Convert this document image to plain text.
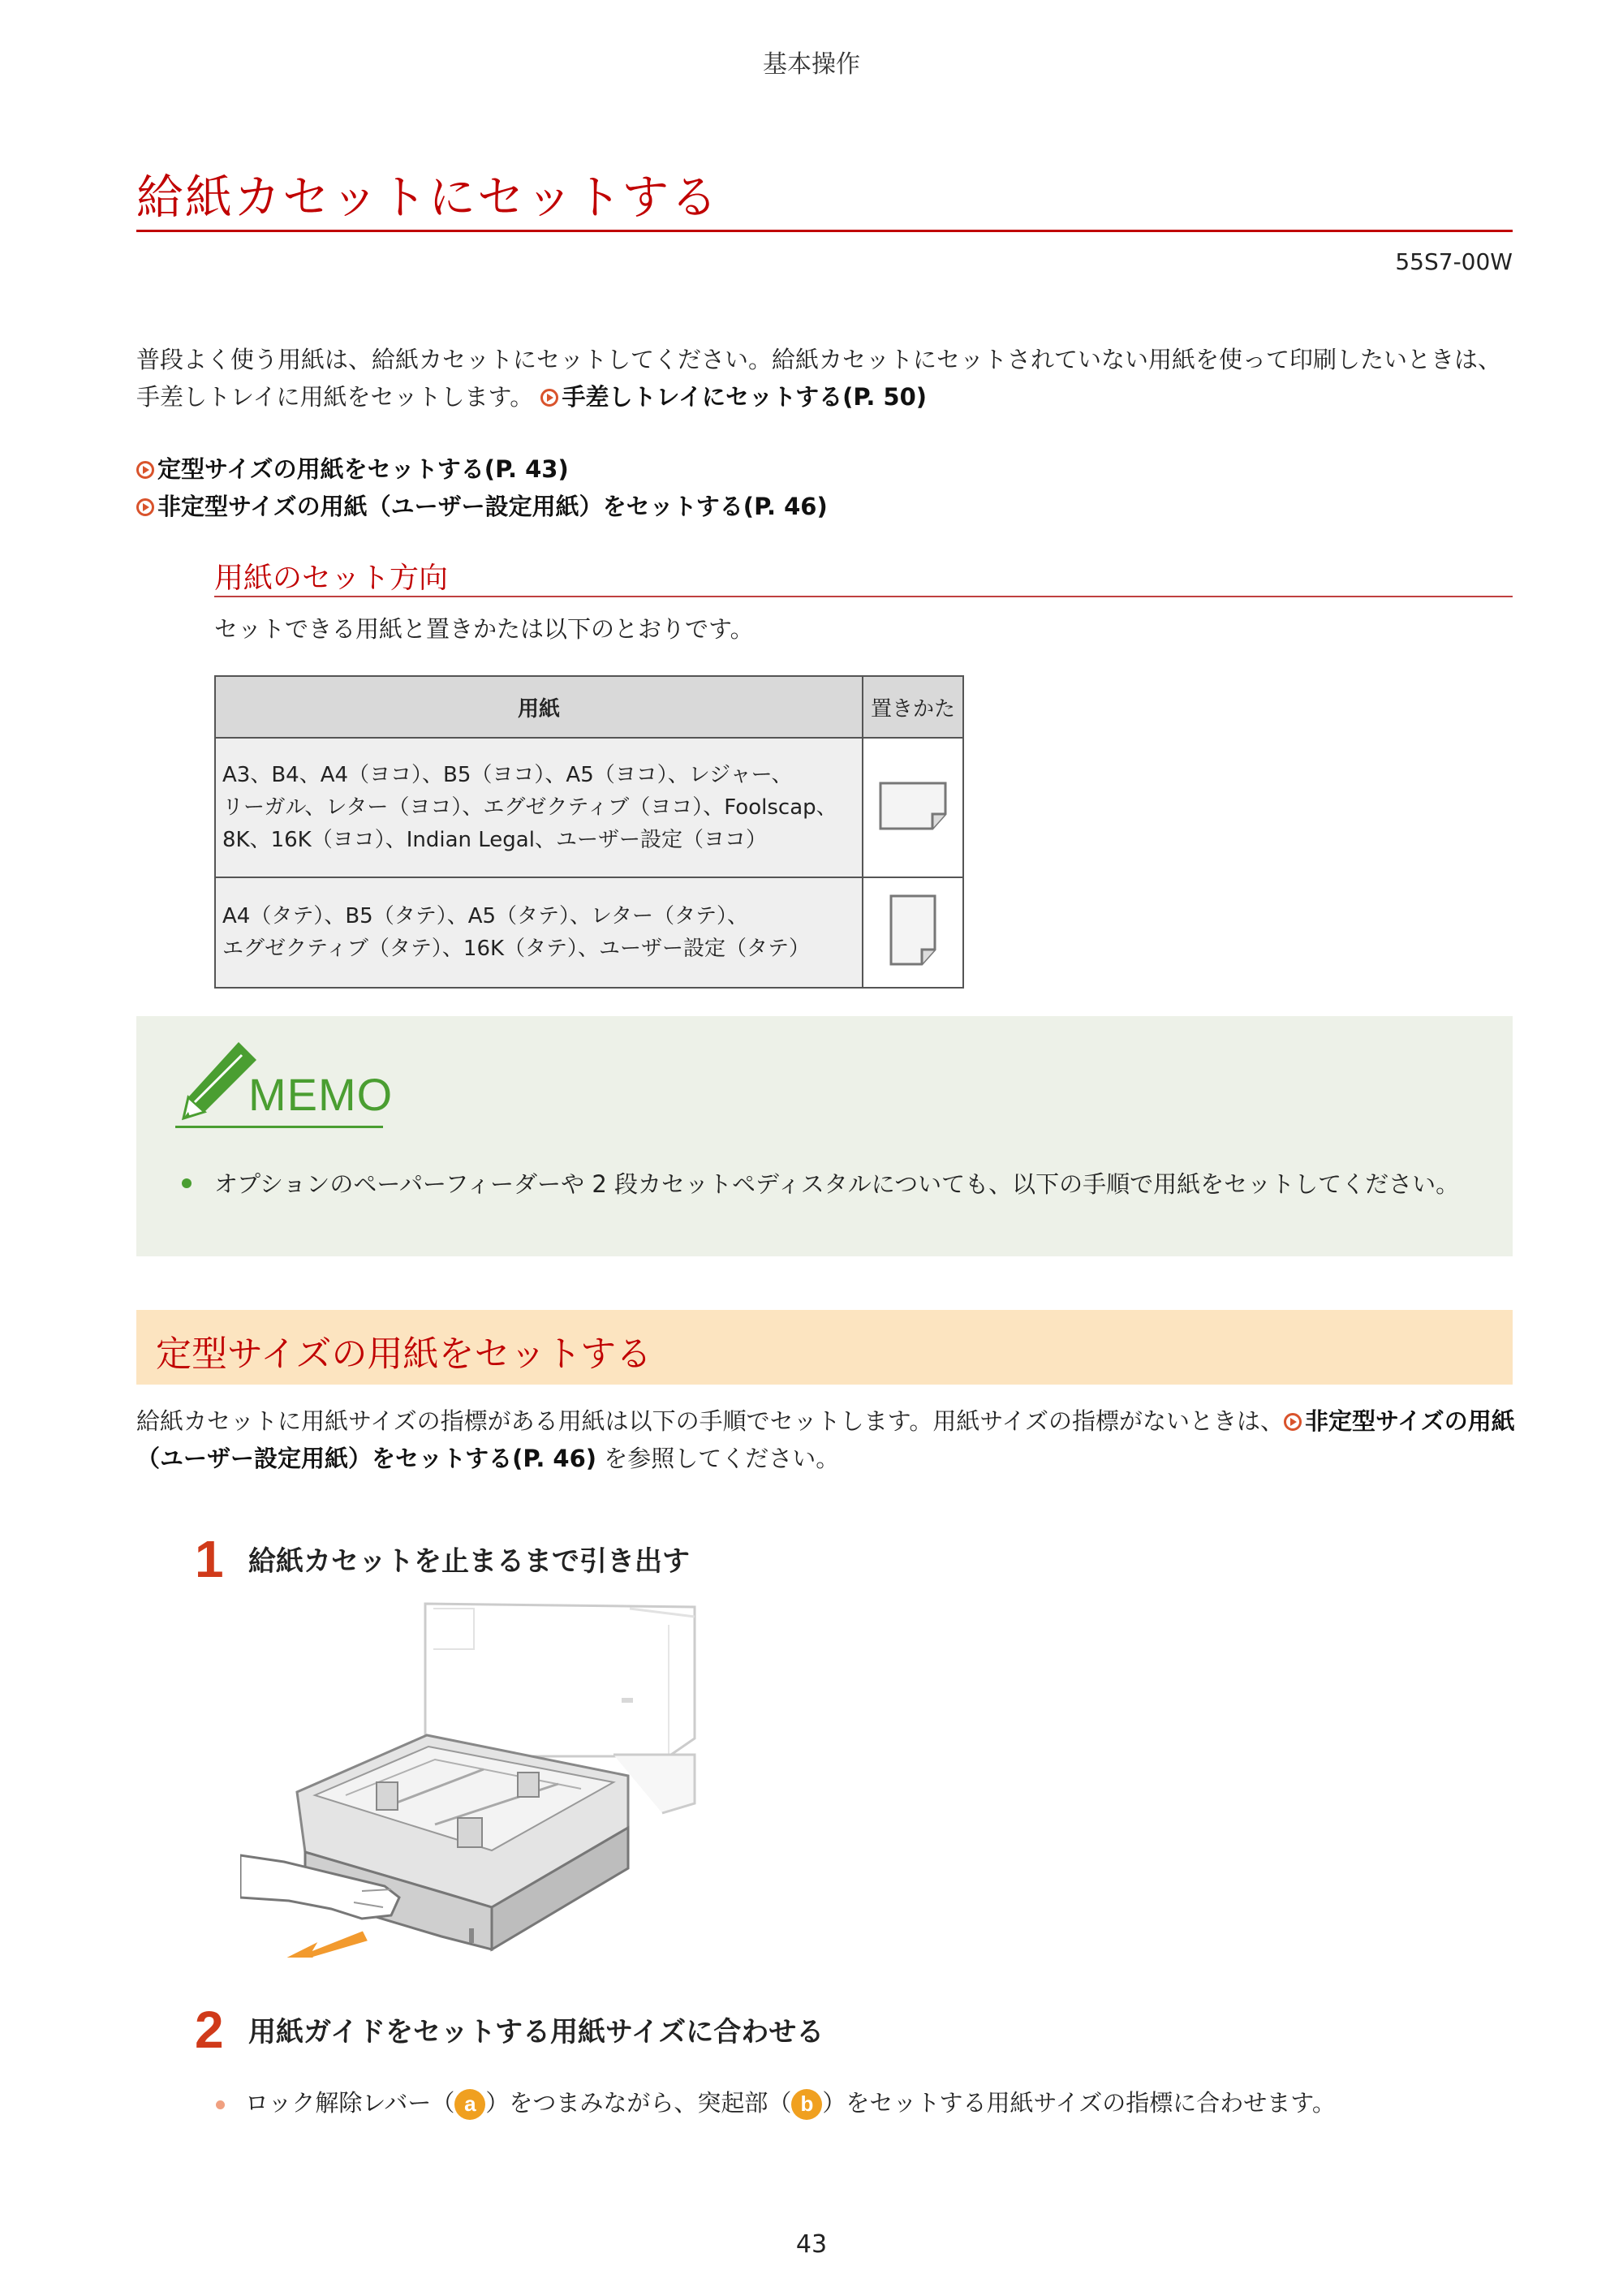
基本操作
給紙カセットにセットする
55S7-00W
普段よく使う用紙は、給紙カセットにセットしてください。給紙カセットにセットされていない用紙を使って印刷したいときは、手差しトレイに用紙をセットします。 手差しトレイにセットする(P. 50)
定型サイズの用紙をセットする(P. 43)
非定型サイズの用紙（ユーザー設定用紙）をセットする(P. 46)
用紙のセット方向
セットできる用紙と置きかたは以下のとおりです。
用紙	置きかた

A3、B4、A4（ヨコ）、B5（ヨコ）、A5（ヨコ）、レジャー、
リーガル、レター（ヨコ）、エグゼクティブ（ヨコ）、Foolscap、
8K、16K（ヨコ）、Indian Legal、ユーザー設定（ヨコ）

A4（タテ）、B5（タテ）、A5（タテ）、レター（タテ）、
エグゼクティブ（タテ）、16K（タテ）、ユーザー設定（タテ）

MEMO
オプションのペーパーフィーダーや 2 段カセットペディスタルについても、以下の手順で用紙をセットしてください。
定型サイズの用紙をセットする
給紙カセットに用紙サイズの指標がある用紙は以下の手順でセットします。用紙サイズの指標がないときは、 非定型サイズの用紙（ユーザー設定用紙）をセットする(P. 46) を参照してください。
1 給紙カセットを止まるまで引き出す
2 用紙ガイドをセットする用紙サイズに合わせる
ロック解除レバー（ a ）をつまみながら、突起部（ b ）をセットする用紙サイズの指標に合わせます。
43
